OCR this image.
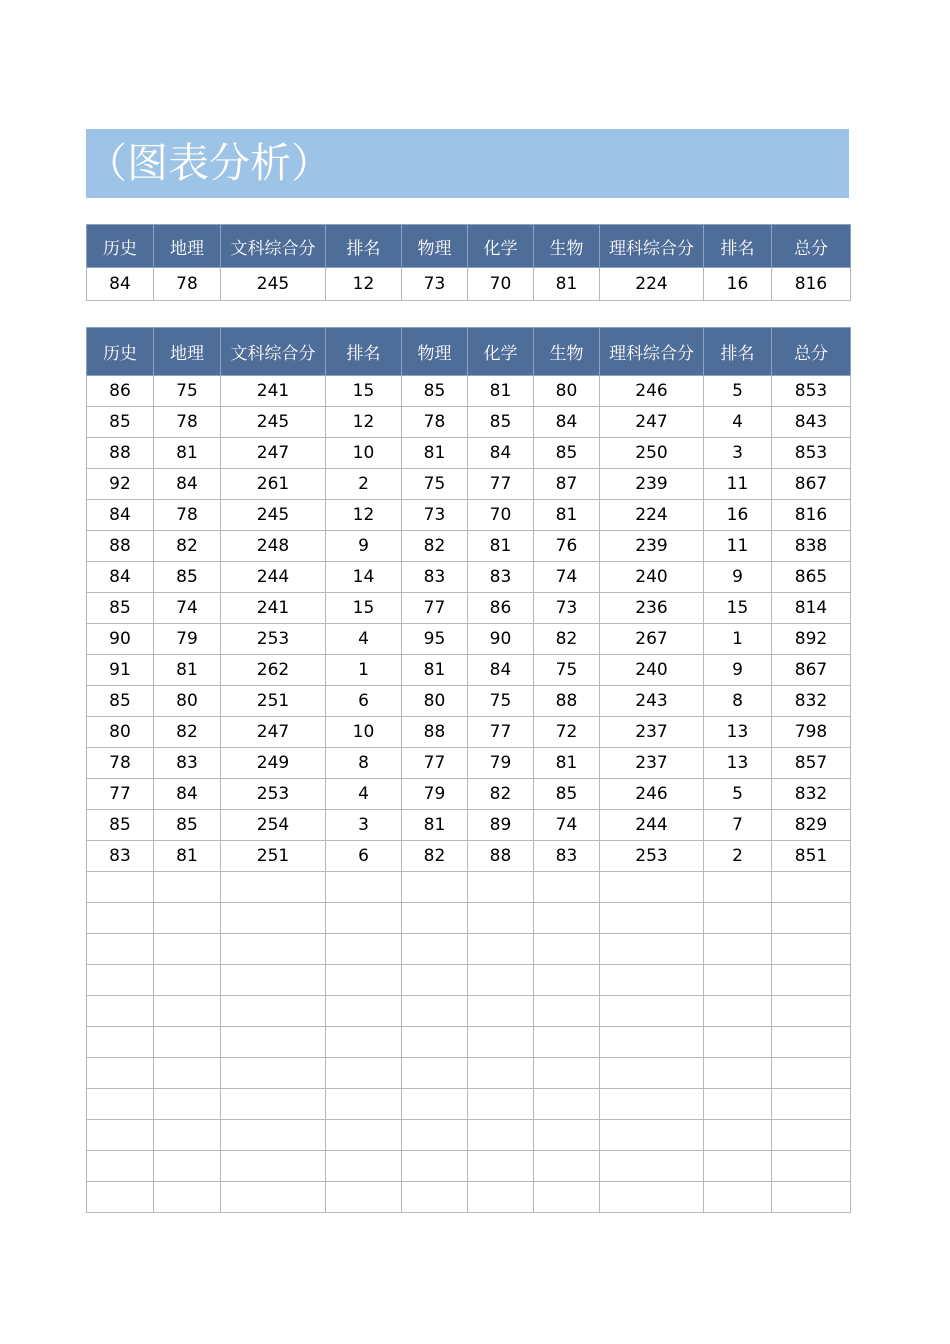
（图表分析）
历史	地理	文科综合分	排名	物理	化学	生物	理科综合分	排名	总分
84	78	245	12	73	70	81	224	16	816
历史	地理	文科综合分	排名	物理	化学	生物	理科综合分	排名	总分
86	75	241	15	85	81	80	246	5	853
85	78	245	12	78	85	84	247	4	843
88	81	247	10	81	84	85	250	3	853
92	84	261	2	75	77	87	239	11	867
84	78	245	12	73	70	81	224	16	816
88	82	248	9	82	81	76	239	11	838
84	85	244	14	83	83	74	240	9	865
85	74	241	15	77	86	73	236	15	814
90	79	253	4	95	90	82	267	1	892
91	81	262	1	81	84	75	240	9	867
85	80	251	6	80	75	88	243	8	832
80	82	247	10	88	77	72	237	13	798
78	83	249	8	77	79	81	237	13	857
77	84	253	4	79	82	85	246	5	832
85	85	254	3	81	89	74	244	7	829
83	81	251	6	82	88	83	253	2	851
